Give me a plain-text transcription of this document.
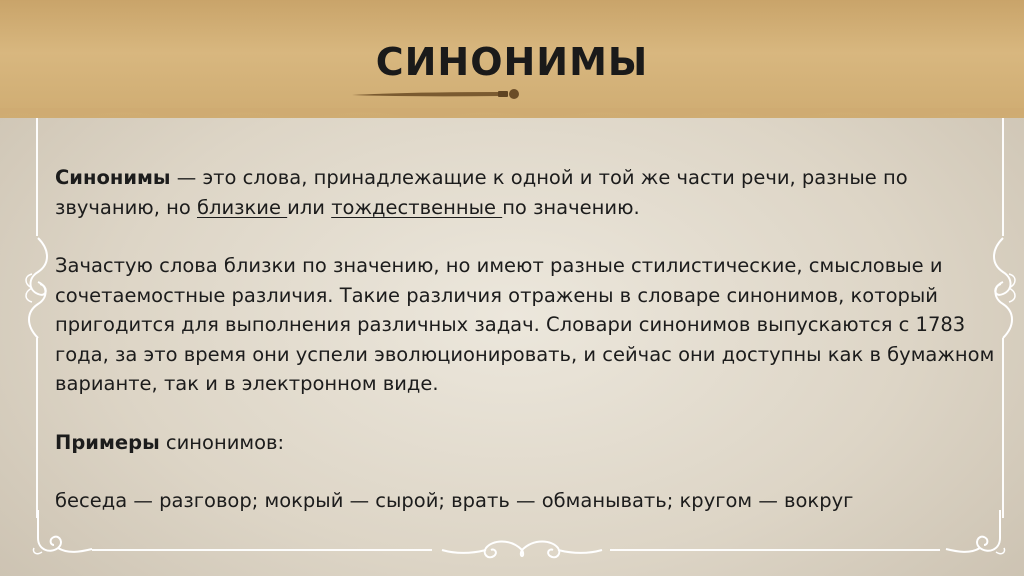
СИНОНИМЫ

Синонимы — это слова, принадлежащие к одной и той же части речи, разные по звучанию, но близкие или тождественные по значению.

Зачастую слова близки по значению, но имеют разные стилистические, смысловые и сочетаемостные различия. Такие различия отражены в словаре синонимов, который пригодится для выполнения различных задач. Словари синонимов выпускаются с 1783 года, за это время они успели эволюционировать, и сейчас они доступны как в бумажном варианте, так и в электронном виде.

Примеры синонимов:

беседа — разговор; мокрый — сырой; врать — обманывать; кругом — вокруг
